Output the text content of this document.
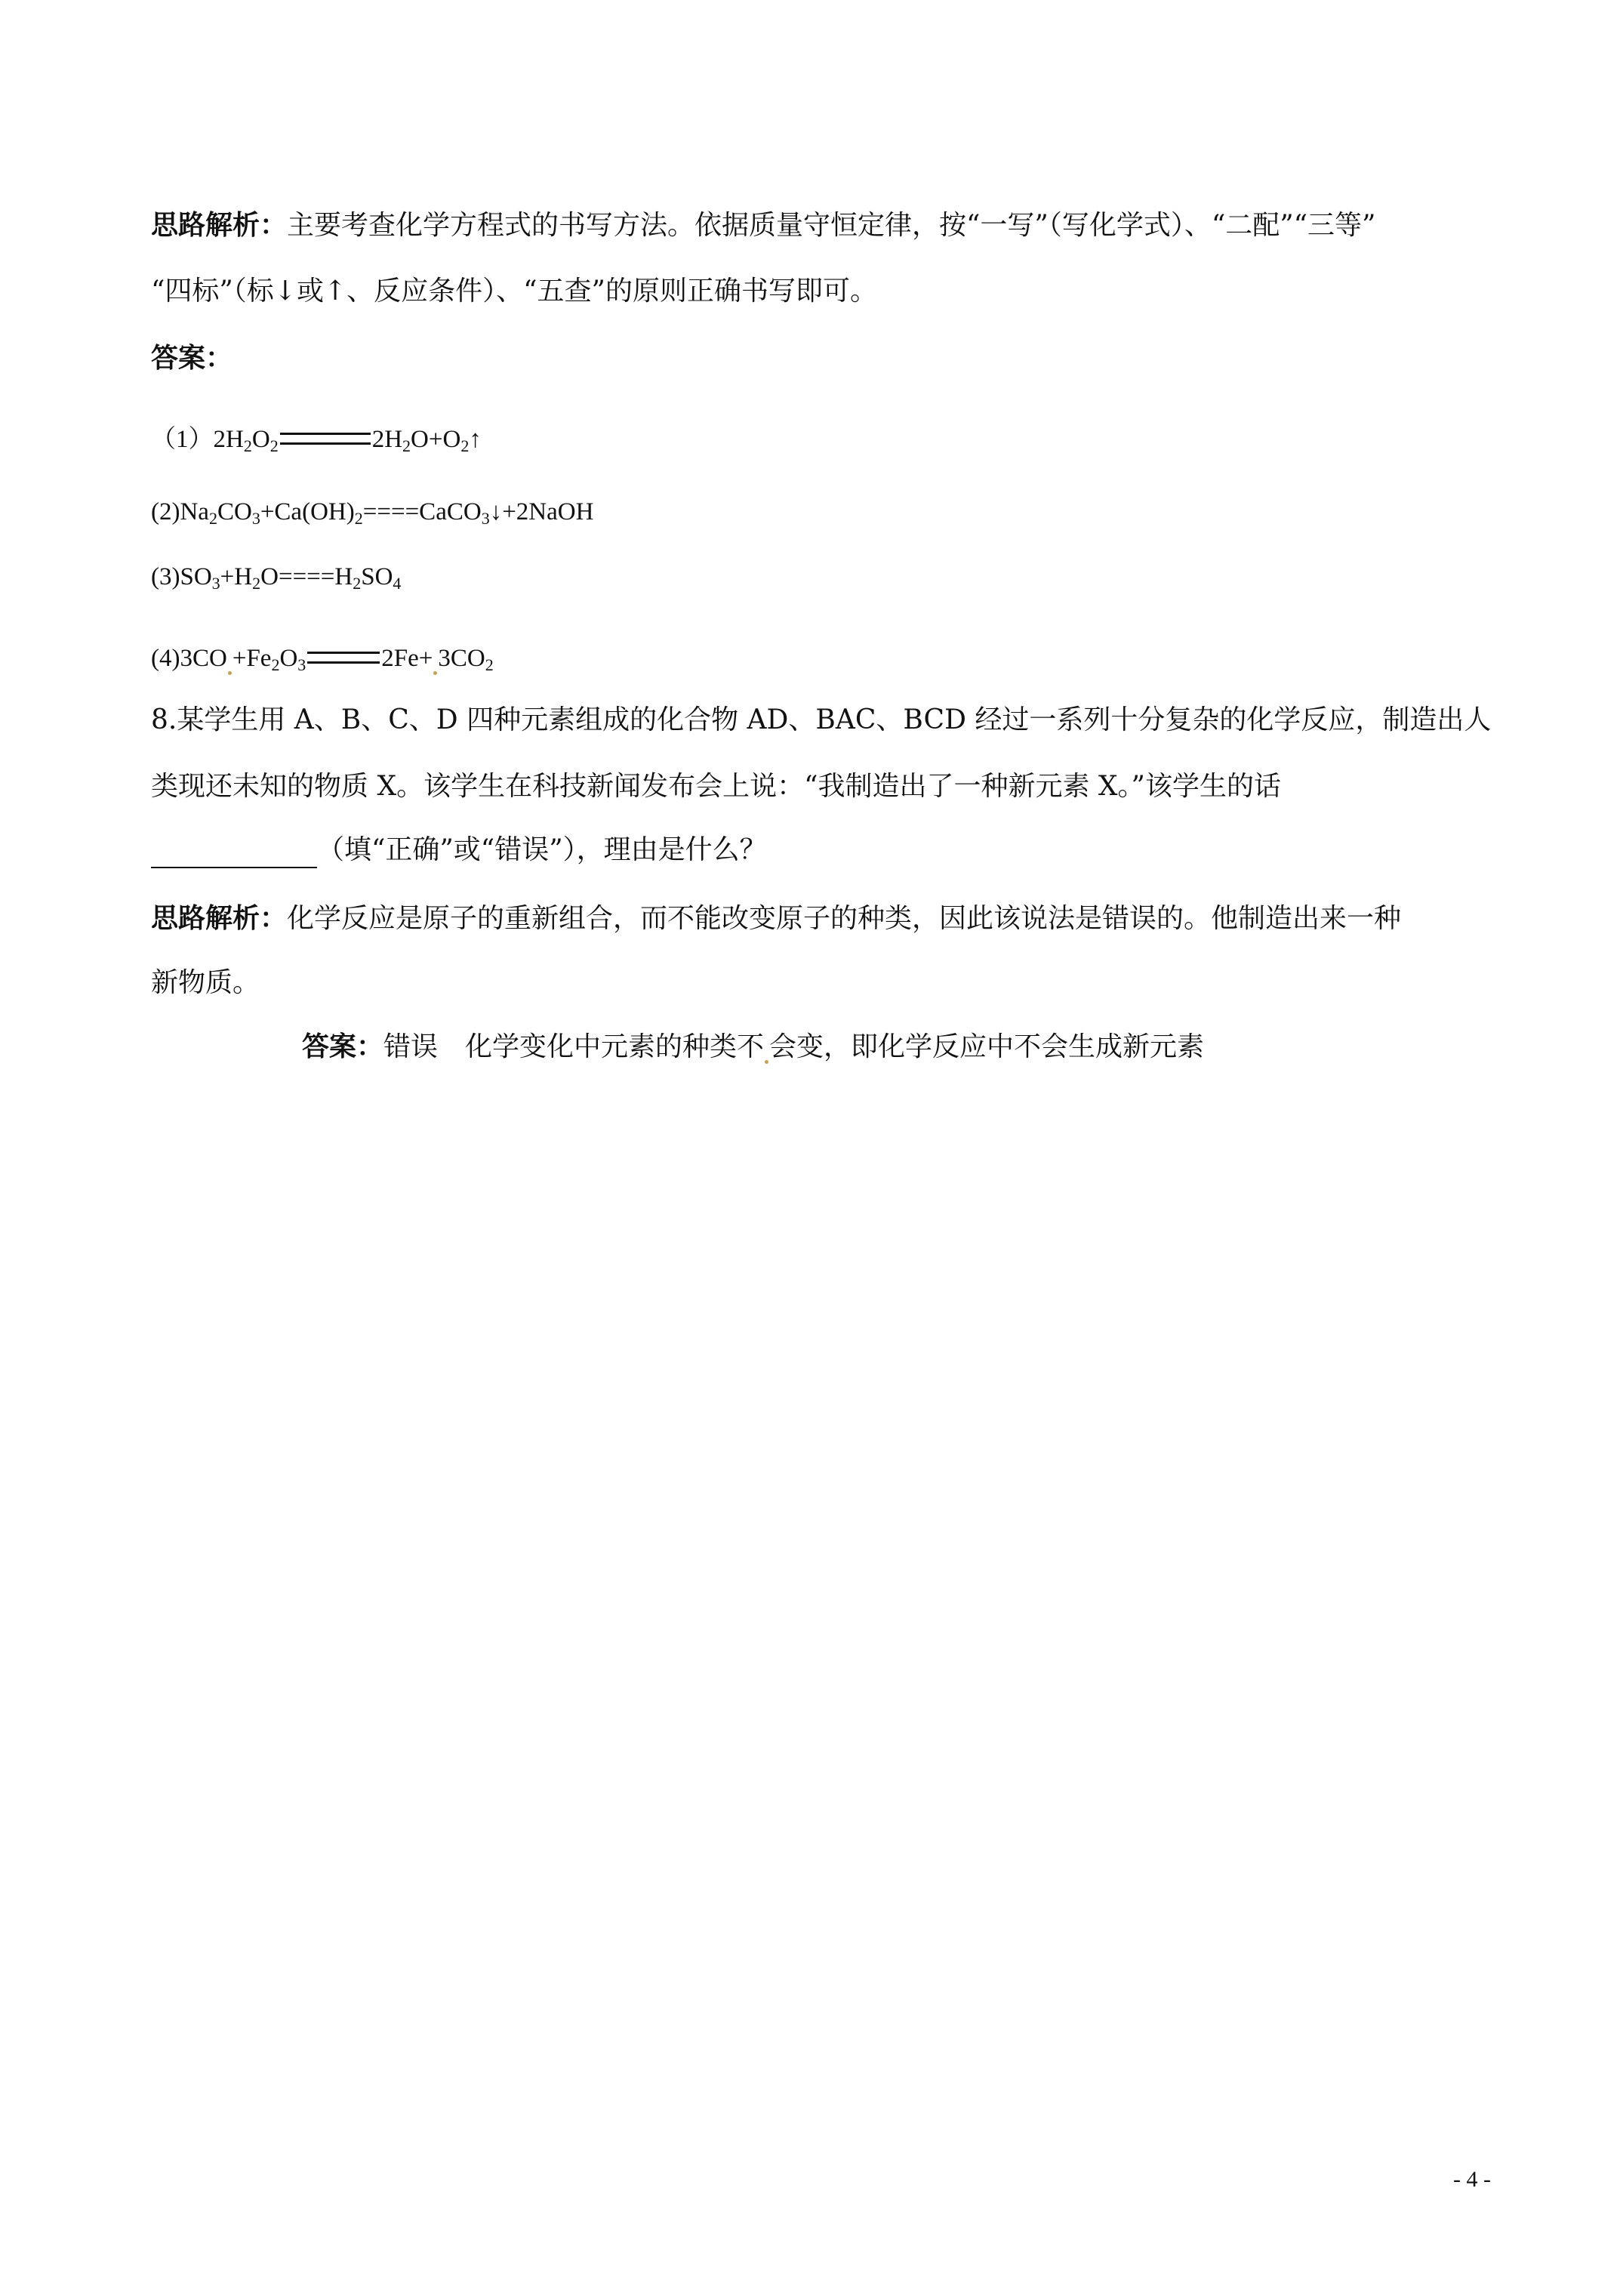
思路解析：主要考查化学方程式的书写方法。依据质量守恒定律，按“一写”（写化学式）、“二配”“三等”
“四标”（标↓或↑、反应条件）、“五查”的原则正确书写即可。
答案：
$(1)2H_2O_2$	$2H_2O+O_2↑$
$(2)Na_2CO_3+Ca(OH)_2====CaCO_3↓+2NaOH$
$(3)SO_3+H_2O====H_2SO_4$
$(4)3CO +Fe_2O_3$	$2Fe+ 3CO_2$
8.某学生用 A、B、C、D 四种元素组成的化合物 AD、BAC、BCD 经过一系列十分复杂的化学反应，制造出人
类现还未知的物质 X。该学生在科技新闻发布会上说：“我制造出了一种新元素 X。”该学生的话
（填“正确”或“错误”），理由是什么？
思路解析：化学反应是原子的重新组合，而不能改变原子的种类，因此该说法是错误的。他制造出来一种
新物质。
答案：错误　化学变化中元素的种类不 会变，即化学反应中不会生成新元素
- 4 -
